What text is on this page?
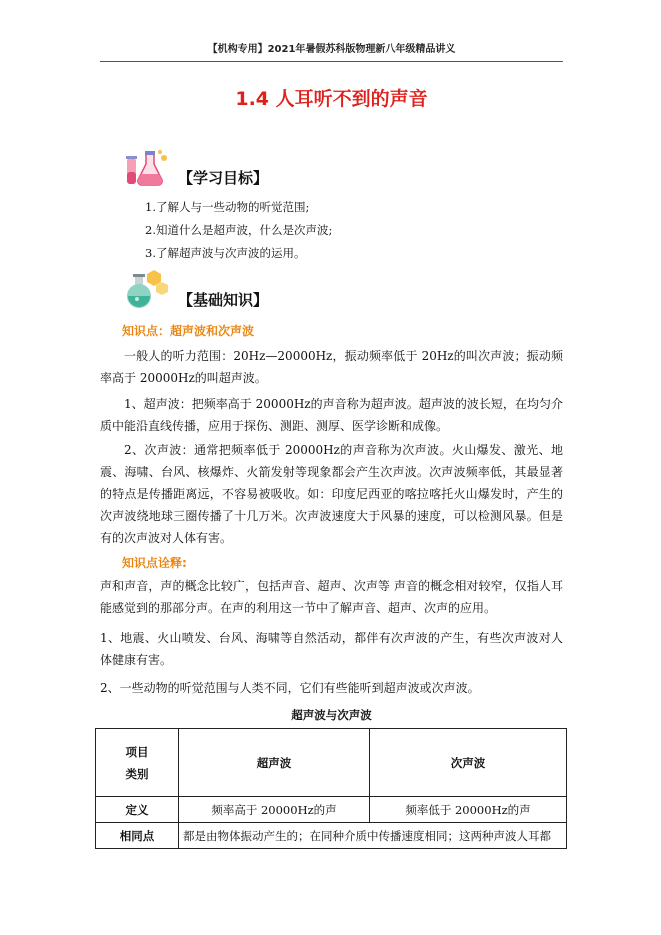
【机构专用】2021年暑假苏科版物理新八年级精品讲义
1.4 人耳听不到的声音
【学习目标】
1.了解人与一些动物的听觉范围;
2.知道什么是超声波，什么是次声波;
3.了解超声波与次声波的运用。
【基础知识】
知识点：超声波和次声波

一般人的听力范围：20Hz—20000Hz，振动频率低于 20Hz的叫次声波；振动频率高于 20000Hz的叫超声波。

1、超声波：把频率高于 20000Hz的声音称为超声波。超声波的波长短，在均匀介质中能沿直线传播，应用于探伤、测距、测厚、医学诊断和成像。

2、次声波：通常把频率低于 20000Hz的声音称为次声波。火山爆发、激光、地震、海啸、台风、核爆炸、火箭发射等现象都会产生次声波。次声波频率低，其最显著的特点是传播距离远，不容易被吸收。如：印度尼西亚的喀拉喀托火山爆发时，产生的次声波绕地球三圈传播了十几万米。次声波速度大于风暴的速度，可以检测风暴。但是有的次声波对人体有害。

知识点诠释:

声和声音，声的概念比较广，包括声音、超声、次声等 声音的概念相对较窄，仅指人耳能感觉到的那部分声。在声的利用这一节中了解声音、超声、次声的应用。

1、地震、火山喷发、台风、海啸等自然活动，都伴有次声波的产生，有些次声波对人体健康有害。

2、一些动物的听觉范围与人类不同，它们有些能听到超声波或次声波。

超声波与次声波
项目
类别	超声波	次声波
定义	频率高于 20000Hz的声	频率低于 20000Hz的声
相同点	都是由物体振动产生的；在同种介质中传播速度相同；这两种声波人耳都	
